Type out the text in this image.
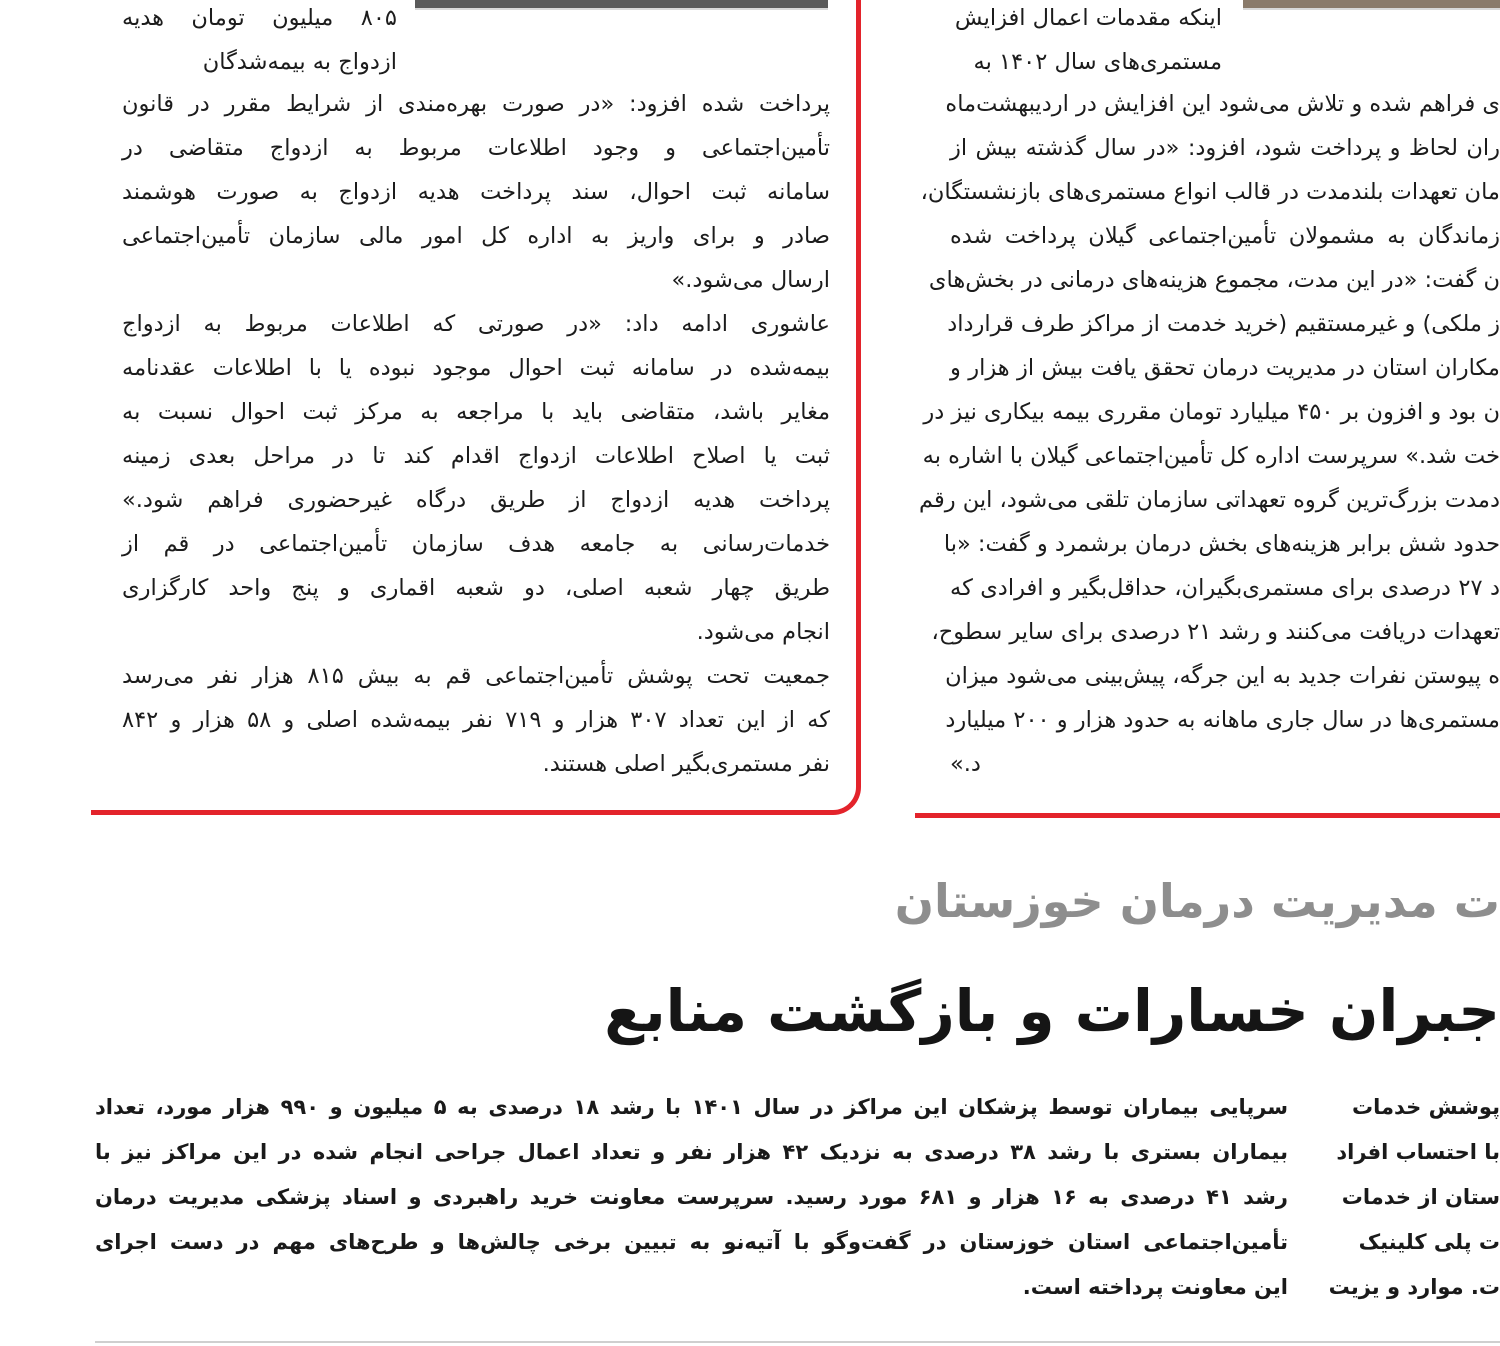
۸۰۵ میلیون تومان هدیه
ازدواج به بیمه‌شدگان

پرداخت شده افزود: «در صورت بهره‌مندی از شرایط مقرر در قانون
تأمین‌اجتماعی و وجود اطلاعات مربوط به ازدواج متقاضی در
سامانه ثبت احوال، سند پرداخت هدیه ازدواج به صورت هوشمند
صادر و برای واریز به اداره کل امور مالی سازمان تأمین‌اجتماعی
ارسال می‌شود.»

عاشوری ادامه داد: «در صورتی که اطلاعات مربوط به ازدواج
بیمه‌شده در سامانه ثبت احوال موجود نبوده یا با اطلاعات عقدنامه
مغایر باشد، متقاضی باید با مراجعه به مرکز ثبت احوال نسبت به
ثبت یا اصلاح اطلاعات ازدواج اقدام کند تا در مراحل بعدی زمینه
پرداخت هدیه ازدواج از طریق درگاه غیرحضوری فراهم شود.»
خدمات‌رسانی به جامعه هدف سازمان تأمین‌اجتماعی در قم از
طریق چهار شعبه اصلی، دو شعبه اقماری و پنج واحد کارگزاری
انجام می‌شود.

جمعیت تحت پوشش تأمین‌اجتماعی قم به بیش ۸۱۵ هزار نفر می‌رسد
که از این تعداد ۳۰۷ هزار و ۷۱۹ نفر بیمه‌شده اصلی و ۵۸ هزار و ۸۴۲
نفر مستمری‌بگیر اصلی هستند.

اینکه مقدمات اعمال افزایش
مستمری‌های سال ۱۴۰۲ به
ی فراهم شده و تلاش می‌شود این افزایش در اردیبهشت‌ماه
ران لحاظ و پرداخت شود، افزود: «در سال گذشته بیش از
مان تعهدات بلندمدت در قالب انواع مستمری‌های بازنشستگان،
زماندگان به مشمولان تأمین‌اجتماعی گیلان پرداخت شده
ن گفت: «در این مدت، مجموع هزینه‌های درمانی در بخش‌های
ز ملکی) و غیرمستقیم (خرید خدمت از مراکز طرف قرارداد
مکاران استان در مدیریت درمان تحقق یافت بیش از هزار و
ن بود و افزون بر ۴۵۰ میلیارد تومان مقرری بیمه بیکاری نیز در
خت شد.» سرپرست اداره کل تأمین‌اجتماعی گیلان با اشاره به
دمدت بزرگ‌ترین گروه تعهداتی سازمان تلقی می‌شود، این رقم
حدود شش برابر هزینه‌های بخش درمان برشمرد و گفت: «با
د ۲۷ درصدی برای مستمری‌بگیران، حداقل‌بگیر و افرادی که
تعهدات دریافت می‌کنند و رشد ۲۱ درصدی برای سایر سطوح،
ه پیوستن نفرات جدید به این جرگه، پیش‌بینی می‌شود میزان
مستمری‌ها در سال جاری ماهانه به حدود هزار و ۲۰۰ میلیارد
د.»
ت مدیریت درمان خوزستان
جبران خسارات و بازگشت منابع
سرپایی بیماران توسط پزشکان این مراکز در سال ۱۴۰۱ با رشد ۱۸ درصدی به ۵ میلیون و ۹۹۰ هزار مورد، تعداد
بیماران بستری با رشد ۳۸ درصدی به نزدیک ۴۲ هزار نفر و تعداد اعمال جراحی انجام شده در این مراکز نیز با
رشد ۴۱ درصدی به ۱۶ هزار و ۶۸۱ مورد رسید. سرپرست معاونت خرید راهبردی و اسناد پزشکی مدیریت درمان
تأمین‌اجتماعی استان خوزستان در گفت‌وگو با آتیه‌نو به تبیین برخی چالش‌ها و طرح‌های مهم در دست اجرای
این معاونت پرداخته است.
پوشش خدمات
با احتساب افراد
ستان از خدمات
ت پلی کلینیک
ت. موارد و یزیت
